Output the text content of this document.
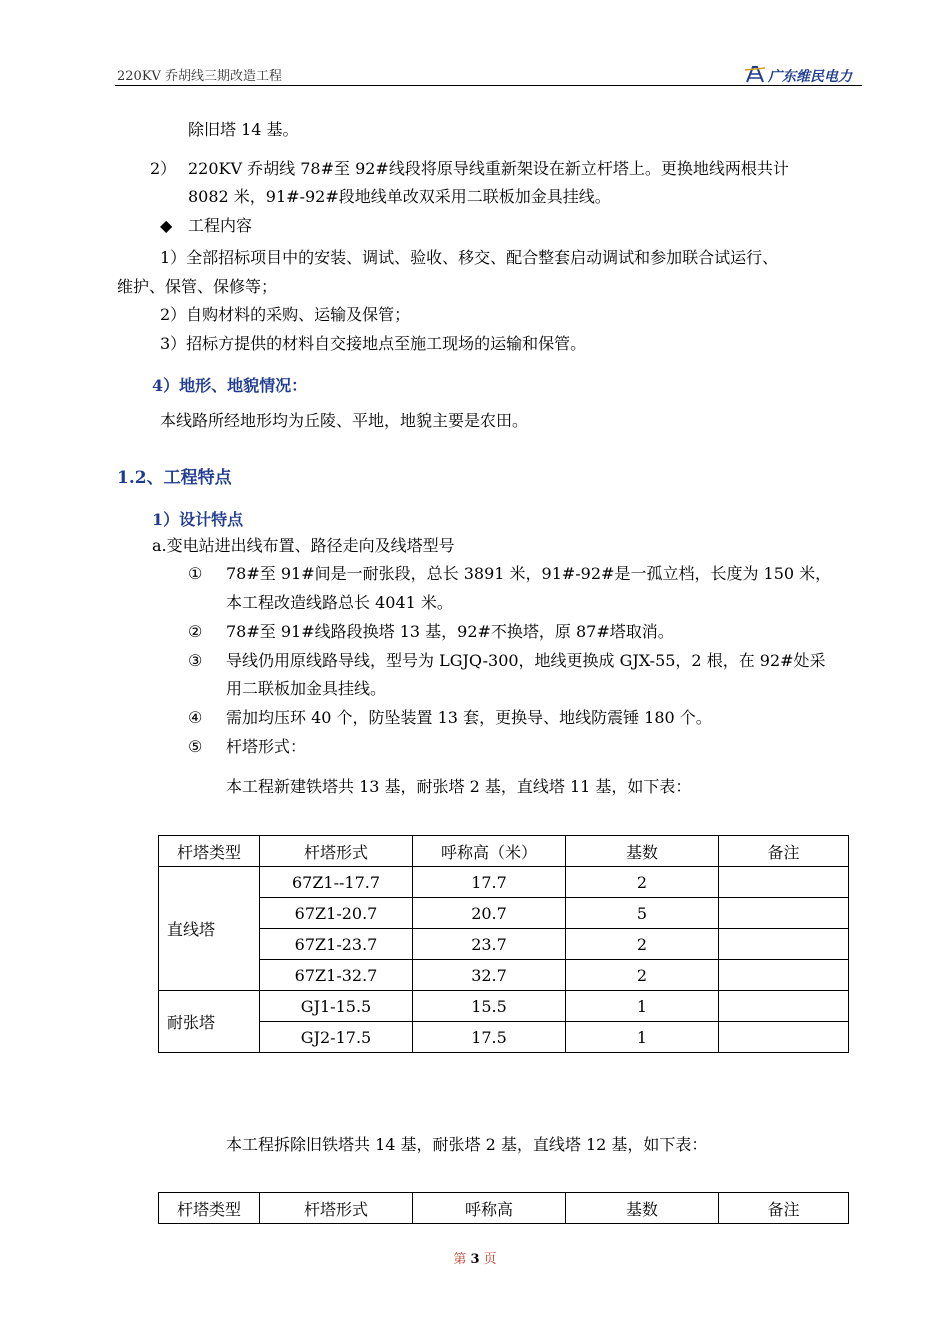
220KV 乔胡线三期改造工程	广东维民电力
除旧塔 14 基。
2） 220KV 乔胡线 78#至 92#线段将原导线重新架设在新立杆塔上。更换地线两根共计
8082 米，91#-92#段地线单改双采用二联板加金具挂线。
◆ 工程内容
1）全部招标项目中的安装、调试、验收、移交、配合整套启动调试和参加联合试运行、
维护、保管、保修等；
2）自购材料的采购、运输及保管；
3）招标方提供的材料自交接地点至施工现场的运输和保管。
4）地形、地貌情况：
本线路所经地形均为丘陵、平地，地貌主要是农田。
1.2、工程特点
1）设计特点
a.变电站进出线布置、路径走向及线塔型号
① 78#至 91#间是一耐张段，总长 3891 米，91#-92#是一孤立档，长度为 150 米，
本工程改造线路总长 4041 米。
② 78#至 91#线路段换塔 13 基，92#不换塔，原 87#塔取消。
③ 导线仍用原线路导线，型号为 LGJQ-300，地线更换成 GJX-55，2 根，在 92#处采
用二联板加金具挂线。
④ 需加均压环 40 个，防坠装置 13 套，更换导、地线防震锤 180 个。
⑤ 杆塔形式：
本工程新建铁塔共 13 基，耐张塔 2 基，直线塔 11 基，如下表：
杆塔类型	杆塔形式	呼称高（米）	基数	备注
直线塔	67Z1--17.7	17.7	2	
	67Z1-20.7	20.7	5	
	67Z1-23.7	23.7	2	
	67Z1-32.7	32.7	2	
耐张塔	GJ1-15.5	15.5	1	
	GJ2-17.5	17.5	1	
本工程拆除旧铁塔共 14 基，耐张塔 2 基，直线塔 12 基，如下表：
杆塔类型	杆塔形式	呼称高	基数	备注
第 3 页
